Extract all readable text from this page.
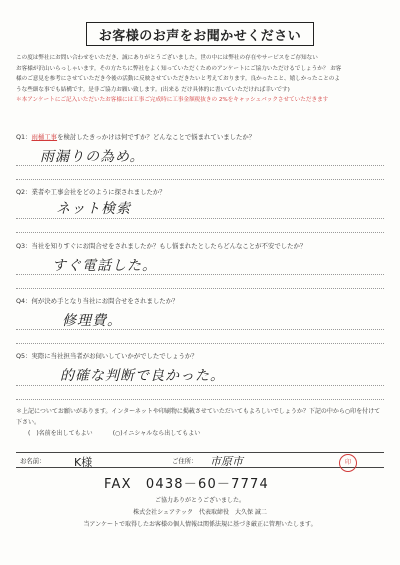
お客様のお声をお聞かせください

この度は弊社にお問い合わせをいただき、誠にありがとうございました。世の中には弊社の存在やサービスをご存知ない

お客様が沢山いらっしゃいます。その方たちに弊社をよく知っていただくためのアンケートにご協力いただけるでしょうか？ お客

様のご意見を参考にさせていただき今後の活動に反映させていただきたいと考えております。良かったこと、嬉しかったことのよ

うな些細な事でも結構です。是非ご協力お願い致します。(出来る だけ具体的に書いていただければ幸いです)

＊本アンケートにご記入いただいたお客様には工事ご完成時に工事金額税抜きの 2%をキャッシュバックさせていただきます

Q1：雨樋工事を検討したきっかけは何ですか？どんなことで悩まれていましたか？
雨漏りの為め。
Q2：業者や工事会社をどのように探されましたか？
ネット検索
Q3：当社を知りすぐにお問合せをされましたか？もし悩まれたとしたらどんなことが不安でしたか？
すぐ電話した。
Q4：何が決め手となり当社にお問合せをされましたか？
修理費。
Q5：実際に当社担当者がお伺いしていかがでしたでしょうか？
的確な判断で良かった。
＊上記についてお願いがあります。インターネットや印刷物に掲載させていただいてもよろしいでしょうか？下記の中から○印を付けて下さい。
(　)名前を出してもよい	(○)イニシャルなら出してもよい
お名前：	K様	ご住所： 市原市	印
FAX　0438－60－7774
ご協力ありがとうございました。
株式会社シェアテック　代表取締役　大久保 誠二
当アンケートで取得したお客様の個人情報は関係法規に基づき厳正に管理いたします。
